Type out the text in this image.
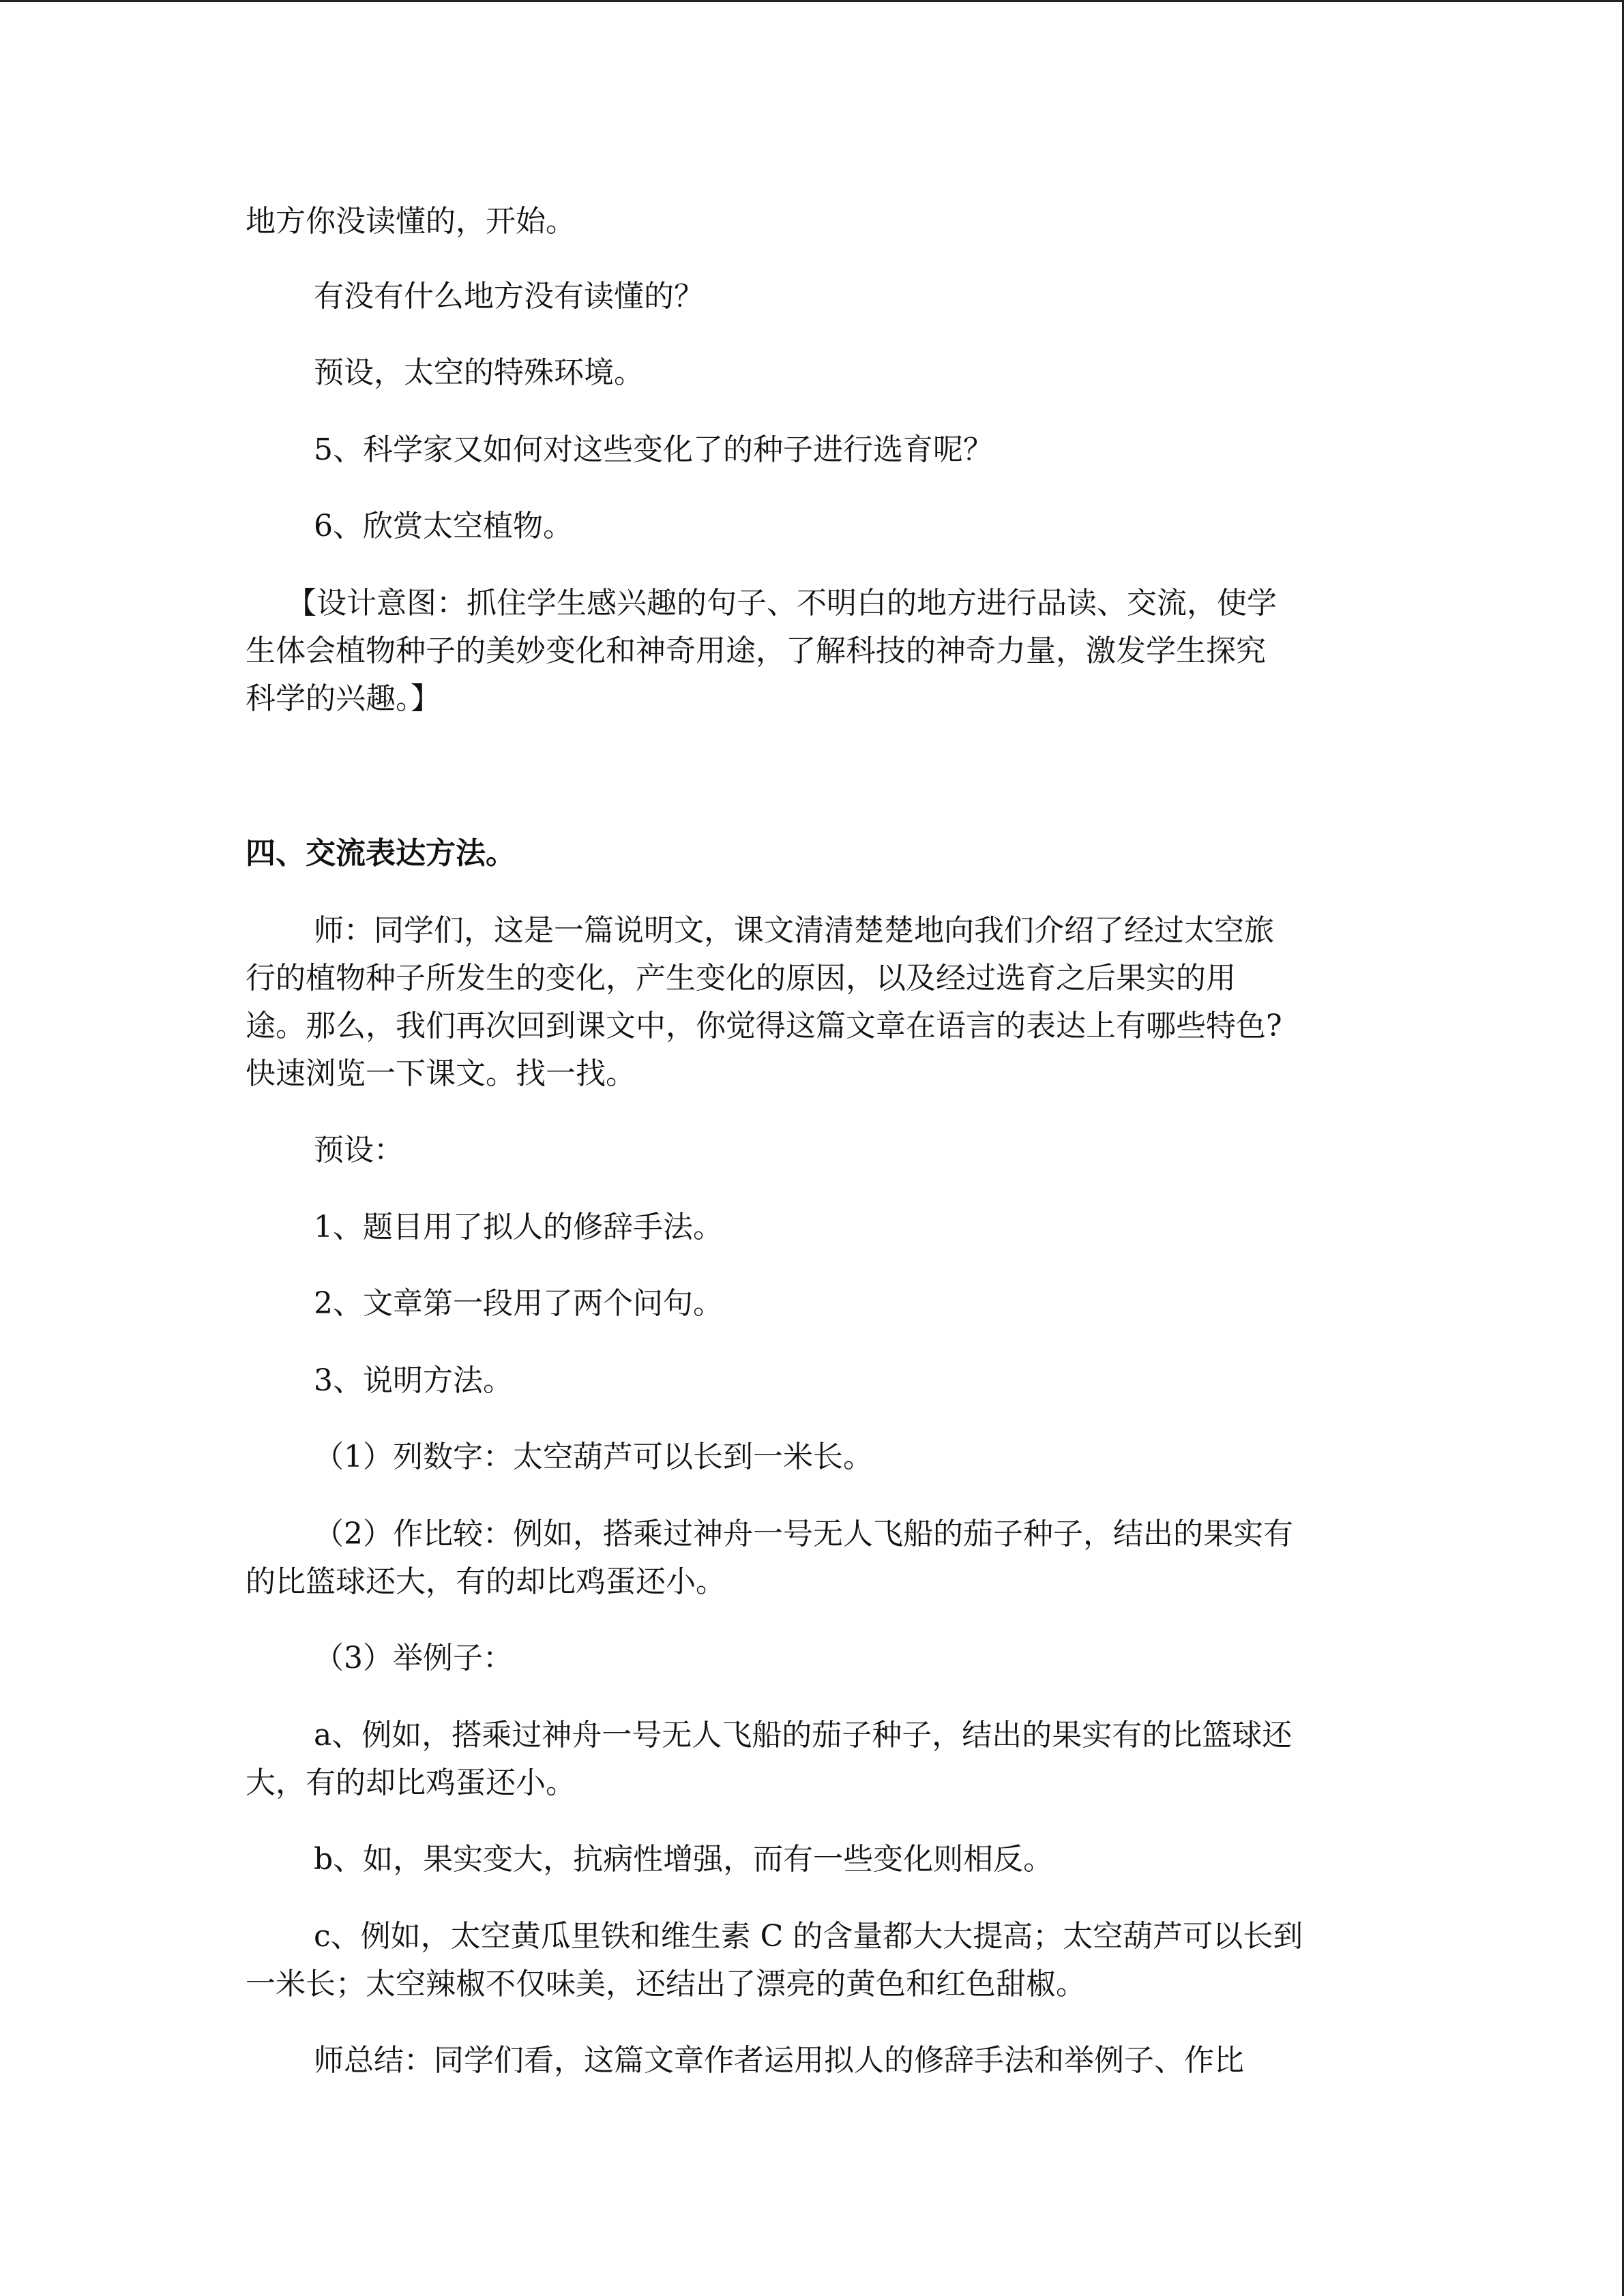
地方你没读懂的，开始。
有没有什么地方没有读懂的？
预设，太空的特殊环境。
5、科学家又如何对这些变化了的种子进行选育呢？
6、欣赏太空植物。
【设计意图：抓住学生感兴趣的句子、不明白的地方进行品读、交流，使学
生体会植物种子的美妙变化和神奇用途，了解科技的神奇力量，激发学生探究
科学的兴趣。】
四、交流表达方法。
师：同学们，这是一篇说明文，课文清清楚楚地向我们介绍了经过太空旅
行的植物种子所发生的变化，产生变化的原因，以及经过选育之后果实的用
途。那么，我们再次回到课文中，你觉得这篇文章在语言的表达上有哪些特色?
快速浏览一下课文。找一找。
预设：
1、题目用了拟人的修辞手法。
2、文章第一段用了两个问句。
3、说明方法。
（1）列数字：太空葫芦可以长到一米长。
（2）作比较：例如，搭乘过神舟一号无人飞船的茄子种子，结出的果实有
的比篮球还大，有的却比鸡蛋还小。
（3）举例子：
a、例如，搭乘过神舟一号无人飞船的茄子种子，结出的果实有的比篮球还
大，有的却比鸡蛋还小。
b、如，果实变大，抗病性增强，而有一些变化则相反。
c、例如，太空黄瓜里铁和维生素 C 的含量都大大提高；太空葫芦可以长到
一米长；太空辣椒不仅味美，还结出了漂亮的黄色和红色甜椒。
师总结：同学们看，这篇文章作者运用拟人的修辞手法和举例子、作比
